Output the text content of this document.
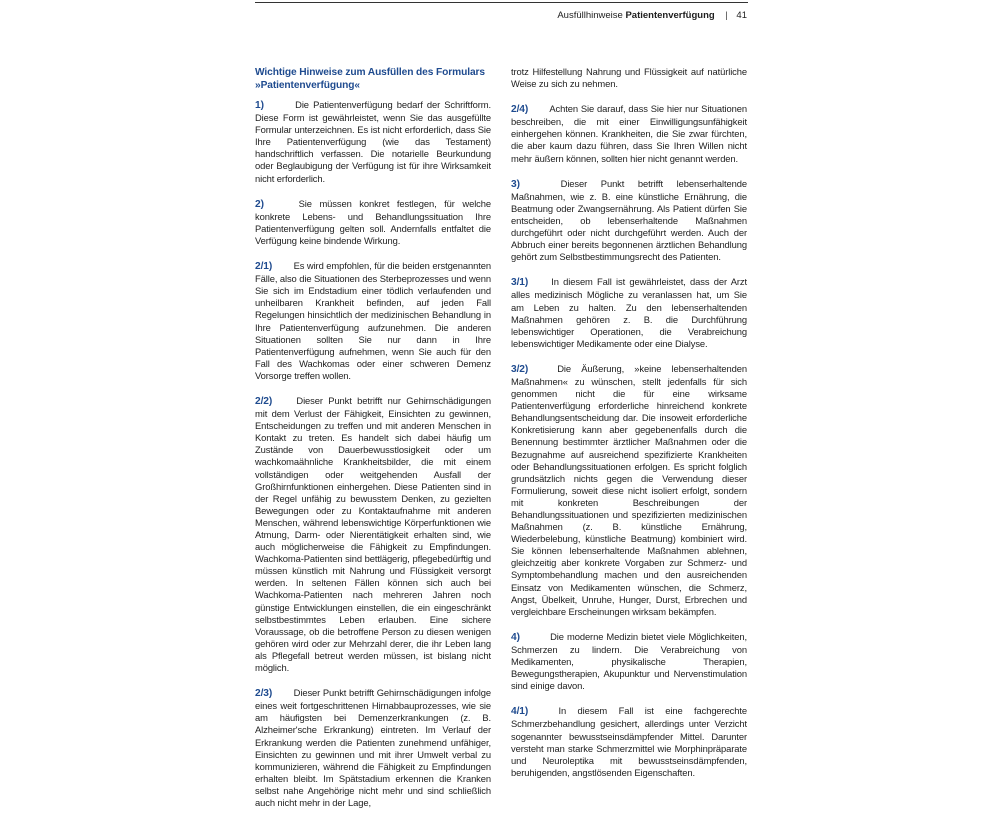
Ausfüllhinweise Patientenverfügung | 41
Wichtige Hinweise zum Ausfüllen des Formulars
»Patientenverfügung«
1)	Die Patientenverfügung bedarf der Schriftform. Diese Form ist gewährleistet, wenn Sie das ausgefüllte Formular unterzeichnen. Es ist nicht erforderlich, dass Sie Ihre Patientenverfügung (wie das Testament) handschriftlich verfassen. Die notarielle Beurkundung oder Beglaubigung der Verfügung ist für ihre Wirksamkeit nicht erforderlich.
2)	Sie müssen konkret festlegen, für welche konkrete Lebens- und Behandlungssituation Ihre Patientenverfügung gelten soll. Andernfalls entfaltet die Verfügung keine bindende Wirkung.
2/1) Es wird empfohlen, für die beiden erstgenannten Fälle, also die Situationen des Sterbeprozesses und wenn Sie sich im Endstadium einer tödlich verlaufenden und unheilbaren Krankheit befinden, auf jeden Fall Regelungen hinsichtlich der medizinischen Behandlung in Ihre Patientenverfügung aufzunehmen. Die anderen Situationen sollten Sie nur dann in Ihre Patientenverfügung aufnehmen, wenn Sie auch für den Fall des Wachkomas oder einer schweren Demenz Vorsorge treffen wollen.
2/2)	Dieser Punkt betrifft nur Gehirnschädigungen mit dem Verlust der Fähigkeit, Einsichten zu gewinnen, Entscheidungen zu treffen und mit anderen Menschen in Kontakt zu treten. Es handelt sich dabei häufig um Zustände von Dauerbewusstlosigkeit oder um wachkomaähnliche Krankheitsbilder, die mit einem vollständigen oder weitgehenden Ausfall der Großhirnfunktionen einhergehen. Diese Patienten sind in der Regel unfähig zu bewusstem Denken, zu gezielten Bewegungen oder zu Kontaktaufnahme mit anderen Menschen, während lebenswichtige Körperfunktionen wie Atmung, Darm- oder Nierentätigkeit erhalten sind, wie auch möglicherweise die Fähigkeit zu Empfindungen. Wachkoma-Patienten sind bettlägerig, pflegebedürftig und müssen künstlich mit Nahrung und Flüssigkeit versorgt werden. In seltenen Fällen können sich auch bei Wachkoma-Patienten nach mehreren Jahren noch günstige Entwicklungen einstellen, die ein eingeschränkt selbstbestimmtes Leben erlauben. Eine sichere Voraussage, ob die betroffene Person zu diesen wenigen gehören wird oder zur Mehrzahl derer, die ihr Leben lang als Pflegefall betreut werden müssen, ist bislang nicht möglich.
2/3) Dieser Punkt betrifft Gehirnschädigungen infolge eines weit fortgeschrittenen Hirnabbauprozesses, wie sie am häufigsten bei Demenzerkrankungen (z. B. Alzheimer'sche Erkrankung) eintreten. Im Verlauf der Erkrankung werden die Patienten zunehmend unfähiger, Einsichten zu gewinnen und mit ihrer Umwelt verbal zu kommunizieren, während die Fähigkeit zu Empfindungen erhalten bleibt. Im Spätstadium erkennen die Kranken selbst nahe Angehörige nicht mehr und sind schließlich auch nicht mehr in der Lage,
trotz Hilfestellung Nahrung und Flüssigkeit auf natürliche Weise zu sich zu nehmen.
2/4) Achten Sie darauf, dass Sie hier nur Situationen beschreiben, die mit einer Einwilligungsunfähigkeit einhergehen können. Krankheiten, die Sie zwar fürchten, die aber kaum dazu führen, dass Sie Ihren Willen nicht mehr äußern können, sollten hier nicht genannt werden.
3)	Dieser Punkt betrifft lebenserhaltende Maßnahmen, wie z. B. eine künstliche Ernährung, die Beatmung oder Zwangsernährung. Als Patient dürfen Sie entscheiden, ob lebenserhaltende Maßnahmen durchgeführt oder nicht durchgeführt werden. Auch der Abbruch einer bereits begonnenen ärztlichen Behandlung gehört zum Selbstbestimmungsrecht des Patienten.
3/1) In diesem Fall ist gewährleistet, dass der Arzt alles medizinisch Mögliche zu veranlassen hat, um Sie am Leben zu halten. Zu den lebenserhaltenden Maßnahmen gehören z. B. die Durchführung lebenswichtiger Operationen, die Verabreichung lebenswichtiger Medikamente oder eine Dialyse.
3/2)	Die Äußerung, »keine lebenserhaltenden Maßnahmen« zu wünschen, stellt jedenfalls für sich genommen nicht die für eine wirksame Patientenverfügung erforderliche hinreichend konkrete Behandlungsentscheidung dar. Die insoweit erforderliche Konkretisierung kann aber gegebenenfalls durch die Benennung bestimmter ärztlicher Maßnahmen oder die Bezugnahme auf ausreichend spezifizierte Krankheiten oder Behandlungssituationen erfolgen. Es spricht folglich grundsätzlich nichts gegen die Verwendung dieser Formulierung, soweit diese nicht isoliert erfolgt, sondern mit konkreten Beschreibungen der Behandlungssituationen und spezifizierten medizinischen Maßnahmen (z. B. künstliche Ernährung, Wiederbelebung, künstliche Beatmung) kombiniert wird. Sie können lebenserhaltende Maßnahmen ablehnen, gleichzeitig aber konkrete Vorgaben zur Schmerz- und Symptombehandlung machen und den ausreichenden Einsatz von Medikamenten wünschen, die Schmerz, Angst, Übelkeit, Unruhe, Hunger, Durst, Erbrechen und vergleichbare Erscheinungen wirksam bekämpfen.
4)	Die moderne Medizin bietet viele Möglichkeiten, Schmerzen zu lindern. Die Verabreichung von Medikamenten, physikalische Therapien, Bewegungstherapien, Akupunktur und Nervenstimulation sind einige davon.
4/1)	In diesem Fall ist eine fachgerechte Schmerzbehandlung gesichert, allerdings unter Verzicht sogenannter bewusstseinsdämpfender Mittel. Darunter versteht man starke Schmerzmittel wie Morphinpräparate und Neuroleptika mit bewusstseinsdämpfenden, beruhigenden, angstlösenden Eigenschaften.
